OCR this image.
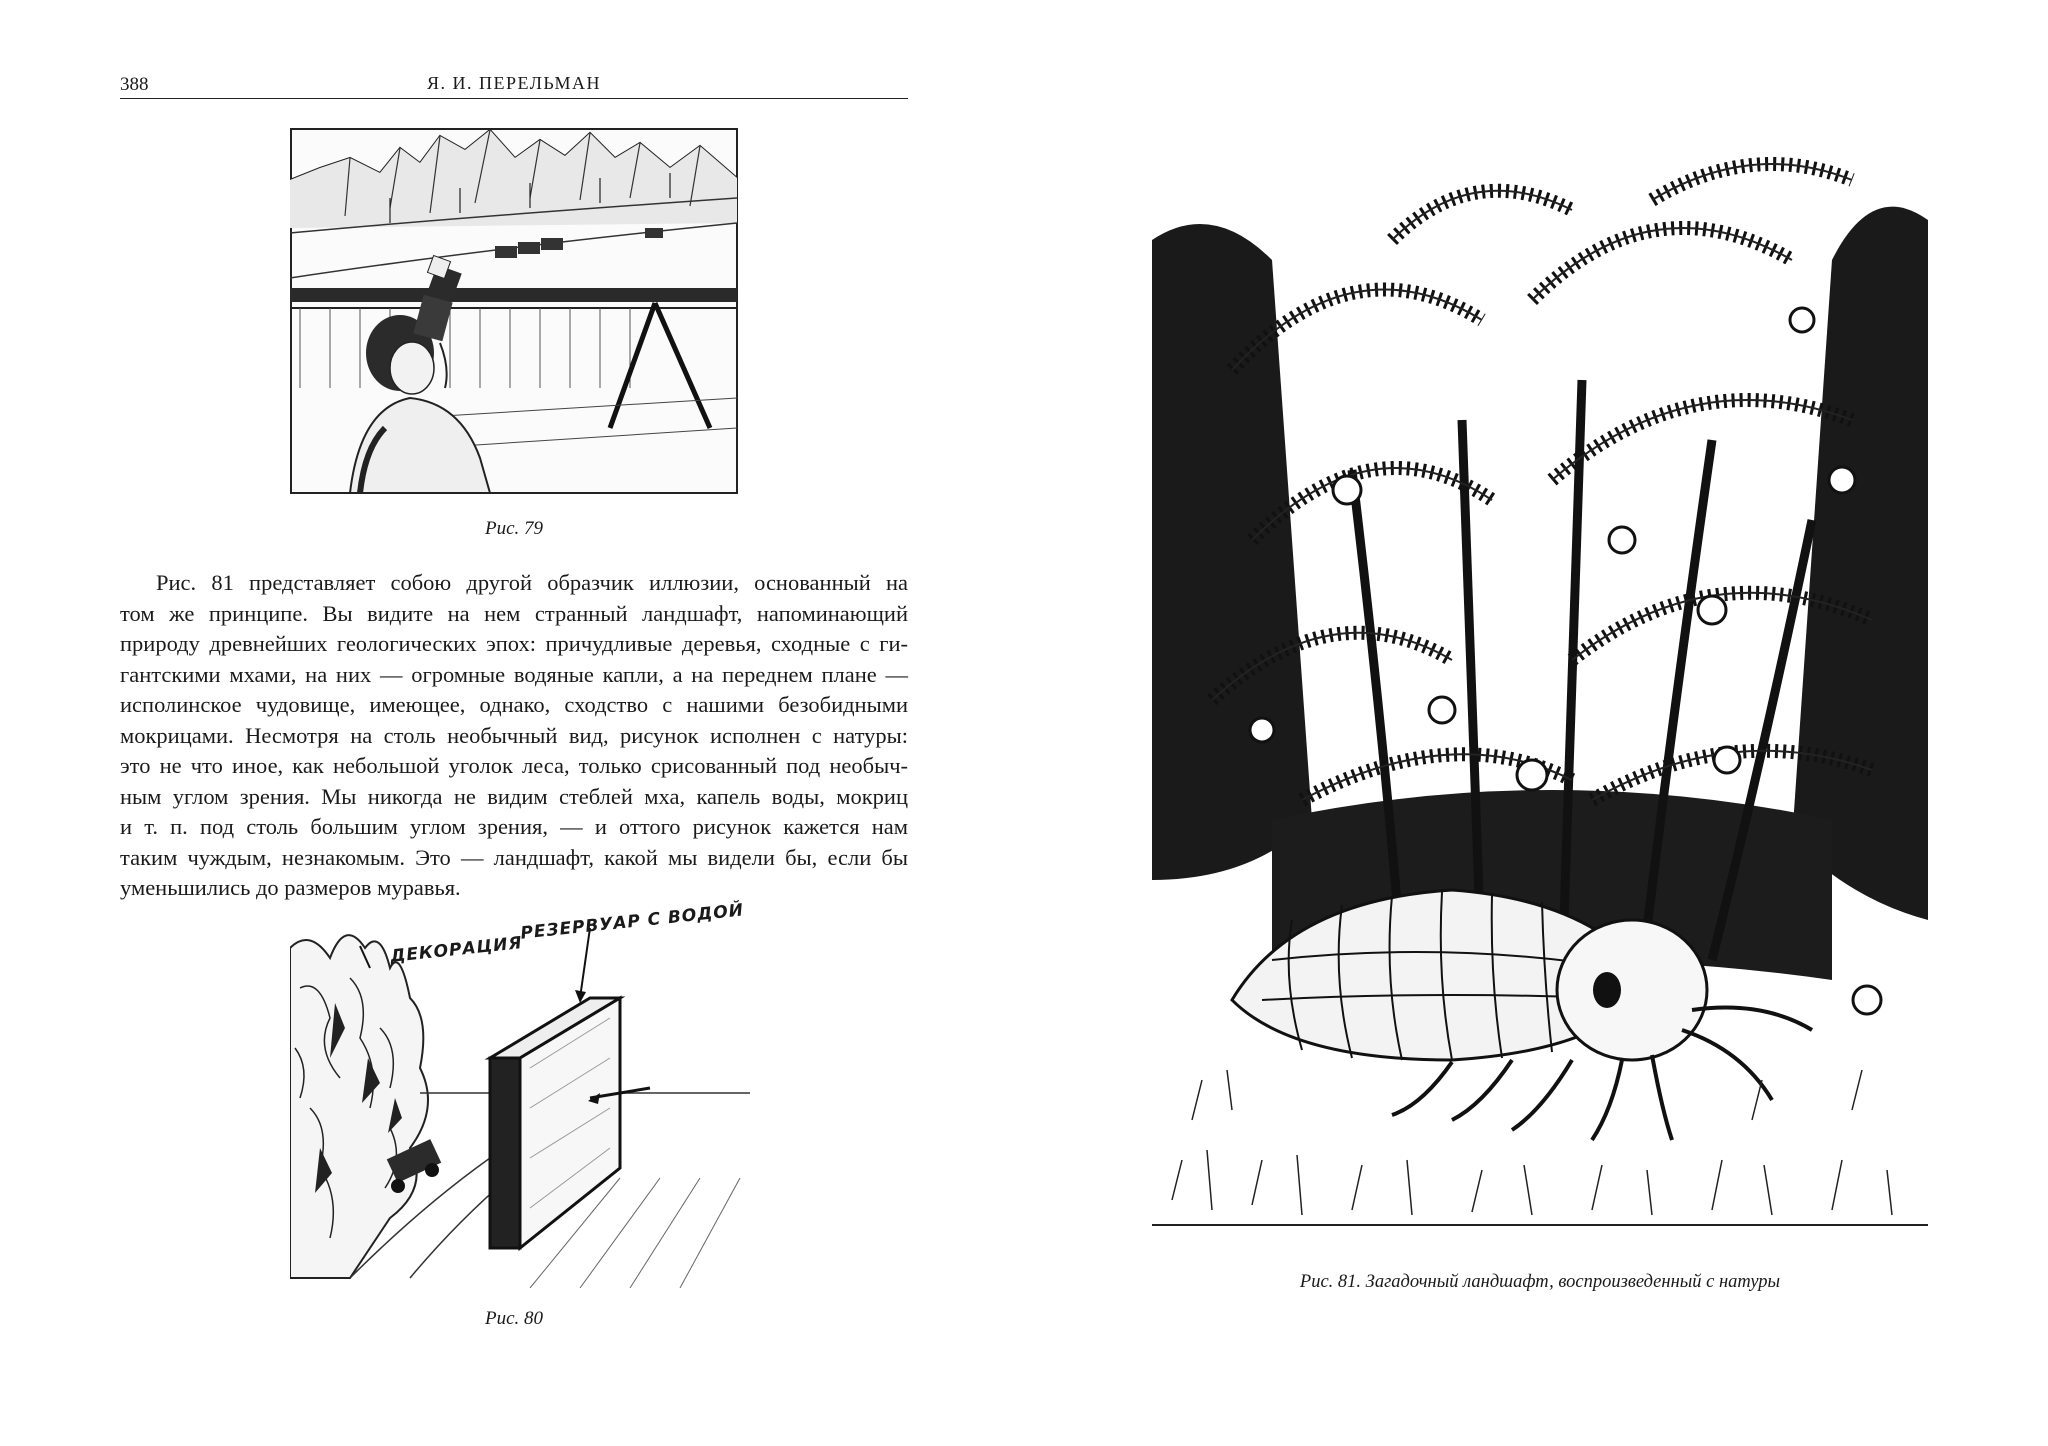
388	Я. И. ПЕРЕЛЬМАН
Рис. 79

Рис. 81 представляет собою другой образчик иллюзии, основанный на
том же принципе. Вы видите на нем странный ландшафт, напоминающий
природу древнейших геологических эпох: причудливые деревья, сходные с ги-
гантскими мхами, на них — огромные водяные капли, а на переднем плане —
исполинское чудовище, имеющее, однако, сходство с нашими безобидными
мокрицами. Несмотря на столь необычный вид, рисунок исполнен с натуры:
это не что иное, как небольшой уголок леса, только срисованный под необыч-
ным углом зрения. Мы никогда не видим стеблей мха, капель воды, мокриц
и т. п. под столь большим углом зрения, — и оттого рисунок кажется нам
таким чуждым, незнакомым. Это — ландшафт, какой мы видели бы, если бы
уменьшились до размеров муравья.

ДЕКОРАЦИЯ
РЕЗЕРВУАР С ВОДОЙ
Рис. 80
Рис. 81. Загадочный ландшафт, воспроизведенный с натуры
